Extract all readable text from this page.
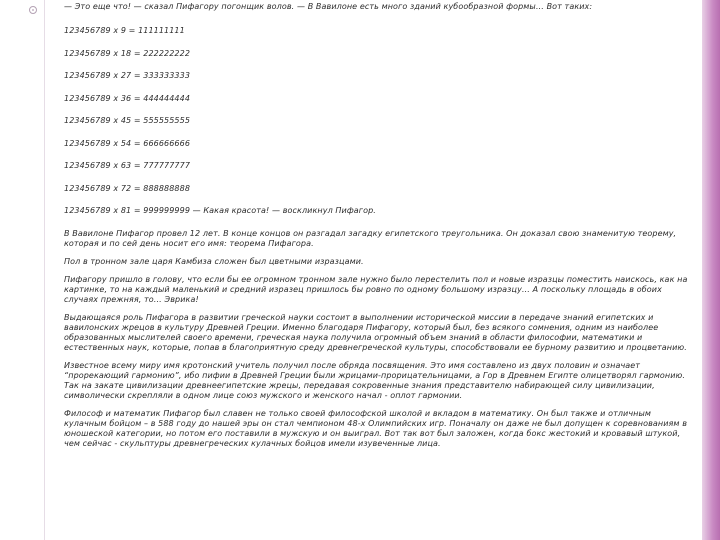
— Это еще что! — сказал Пифагору погонщик волов. — В Вавилоне есть много зданий кубообразной формы… Вот таких:

123456789 х 9 = 111111111

123456789 х 18 = 222222222

123456789 х 27 = 333333333

123456789 х 36 = 444444444

123456789 х 45 = 555555555

123456789 х 54 = 666666666

123456789 х 63 = 777777777

123456789 х 72 = 888888888

123456789 х 81 = 999999999 — Какая красота! — воскликнул Пифагор.

В Вавилоне Пифагор провел 12 лет. В конце концов он разгадал загадку египетского треугольника. Он доказал свою знаменитую теорему, которая и по сей день носит его имя: теорема Пифагора.

Пол в тронном зале царя Камбиза сложен был цветными изразцами.

Пифагору пришло в голову, что если бы ее огромном тронном зале нужно было перестелить пол и новые изразцы поместить наискось, как на картинке, то на каждый маленький и средний изразец пришлось бы ровно по одному большому изразцу… А поскольку площадь в обоих случаях прежняя, то… Эврика!

Выдающаяся роль Пифагора в развитии греческой науки состоит в выполнении исторической миссии в передаче знаний египетских и вавилонских жрецов в культуру Древней Греции. Именно благодаря Пифагору, который был, без всякого сомнения, одним из наиболее образованных мыслителей своего времени, греческая наука получила огромный объем знаний в области философии, математики и естественных наук, которые, попав в благоприятную среду древнегреческой культуры, способствовали ее бурному развитию и процветанию.

Известное всему миру имя кротонский учитель получил после обряда посвящения. Это имя составлено из двух половин и означает “прорекающий гармонию”, ибо пифии в Древней Греции были жрицами-прорицательницами, а Гор в Древнем Египте олицетворял гармонию. Так на закате цивилизации древнеегипетские жрецы, передавая сокровенные знания представителю набирающей силу цивилизации, символически скрепляли в одном лице союз мужского и женского начал - оплот гармонии.

Философ и математик Пифагор был славен не только своей философской школой и вкладом в математику. Он был также и отличным кулачным бойцом – в 588 году до нашей эры он стал чемпионом 48-х Олимпийских игр. Поначалу он даже не был допущен к соревнованиям в юношеской категории, но потом его поставили в мужскую и он выиграл. Вот так вот был заложен, когда бокс жестокий и кровавый штукой, чем сейчас - скульптуры древнегреческих кулачных бойцов имели изувеченные лица.
